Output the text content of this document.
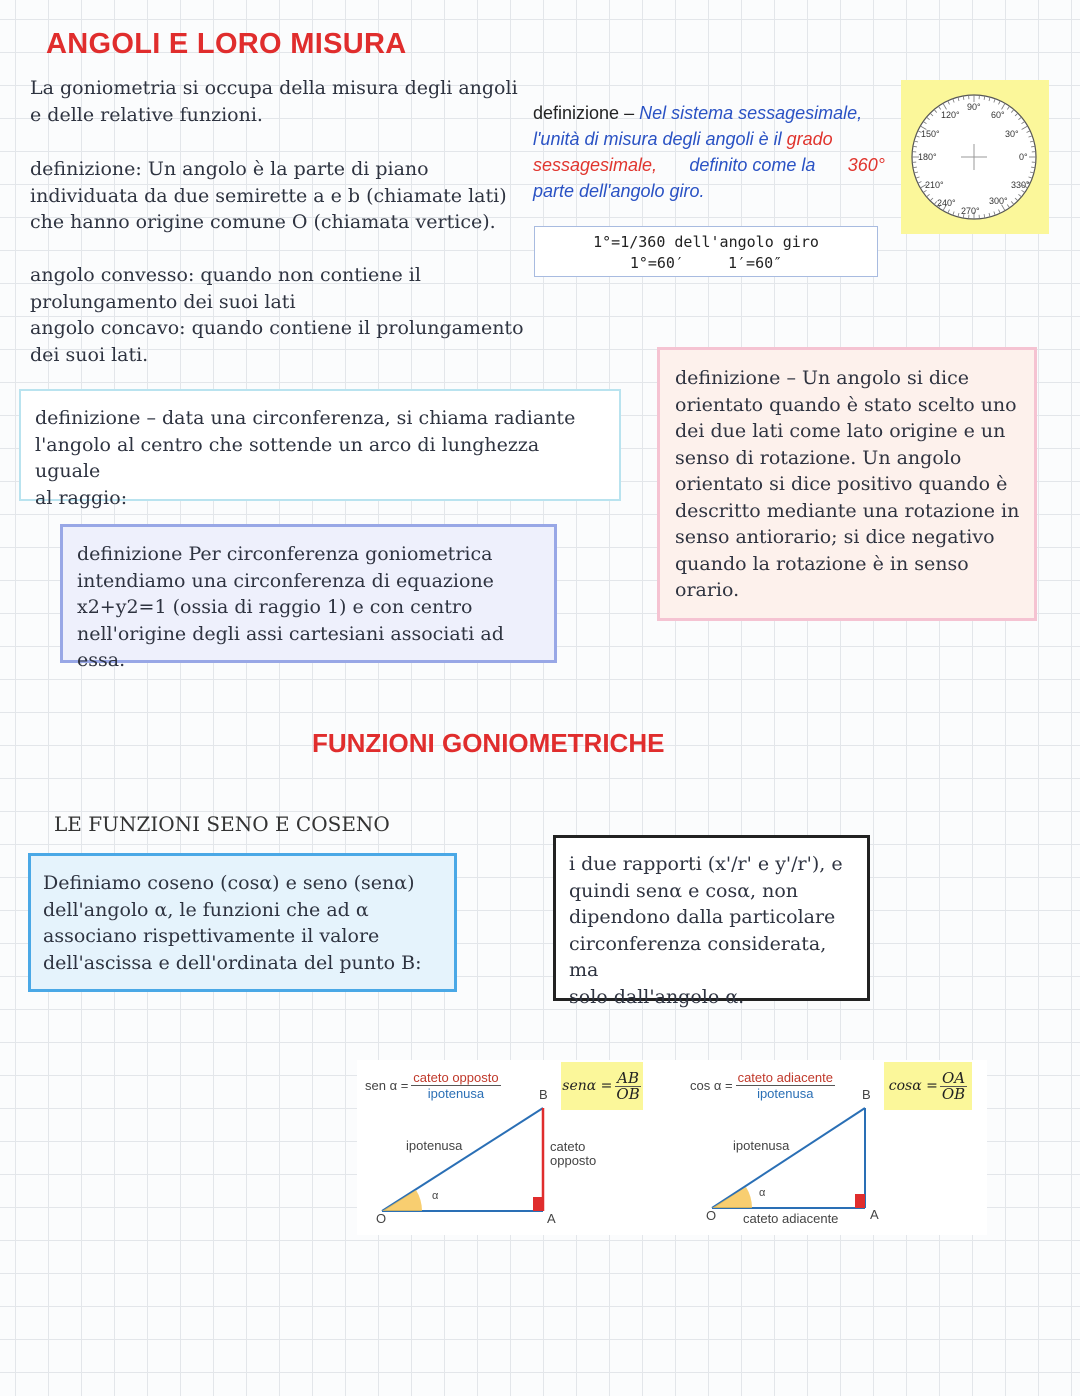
ANGOLI E LORO MISURA
La goniometria si occupa della misura degli angoli
e delle relative funzioni.
definizione: Un angolo è la parte di piano
individuata da due semirette a e b (chiamate lati)
che hanno origine comune O (chiamata vertice).
angolo convesso: quando non contiene il
prolungamento dei suoi lati
angolo concavo: quando contiene il prolungamento
dei suoi lati.
definizione – Nel sistema sessagesimale,
l'unità di misura degli angoli è il grado
sessagesimale, definito come la 360°
parte dell'angolo giro.
1°=1/360 dell'angolo giro
1°=60′	1′=60″
120°
90°
60°
150°	30°
180°	0°
210°	330°
240°
270°
300°
definizione – data una circonferenza, si chiama radiante
l'angolo al centro che sottende un arco di lunghezza uguale
al raggio:
definizione – Un angolo si dice
orientato quando è stato scelto uno
dei due lati come lato origine e un
senso di rotazione. Un angolo
orientato si dice positivo quando è
descritto mediante una rotazione in
senso antiorario; si dice negativo
quando la rotazione è in senso
orario.
definizione Per circonferenza goniometrica
intendiamo una circonferenza di equazione
x2+y2=1 (ossia di raggio 1) e con centro
nell'origine degli assi cartesiani associati ad essa.
FUNZIONI GONIOMETRICHE
LE FUNZIONI SENO E COSENO
Definiamo coseno (cosα) e seno (senα)
dell'angolo α, le funzioni che ad α
associano rispettivamente il valore
dell'ascissa e dell'ordinata del punto B:
i due rapporti (x'/r' e y'/r'), e
quindi senα e cosα, non
dipendono dalla particolare
circonferenza considerata, ma
solo dall'angolo α.
sen $\alpha = \frac{\text{cateto opposto}}{\text{ipotenusa}}$
O	A
B
ipotenusa
α
cateto
opposto
$sen\alpha = \frac{AB}{OB}$	$\cos \alpha = \frac{\text{cateto adiacente}}{\text{ipotenusa}}$
O	A
B
ipotenusa
α
cateto adiacente
$\cos\alpha = \frac{OA}{OB}$
